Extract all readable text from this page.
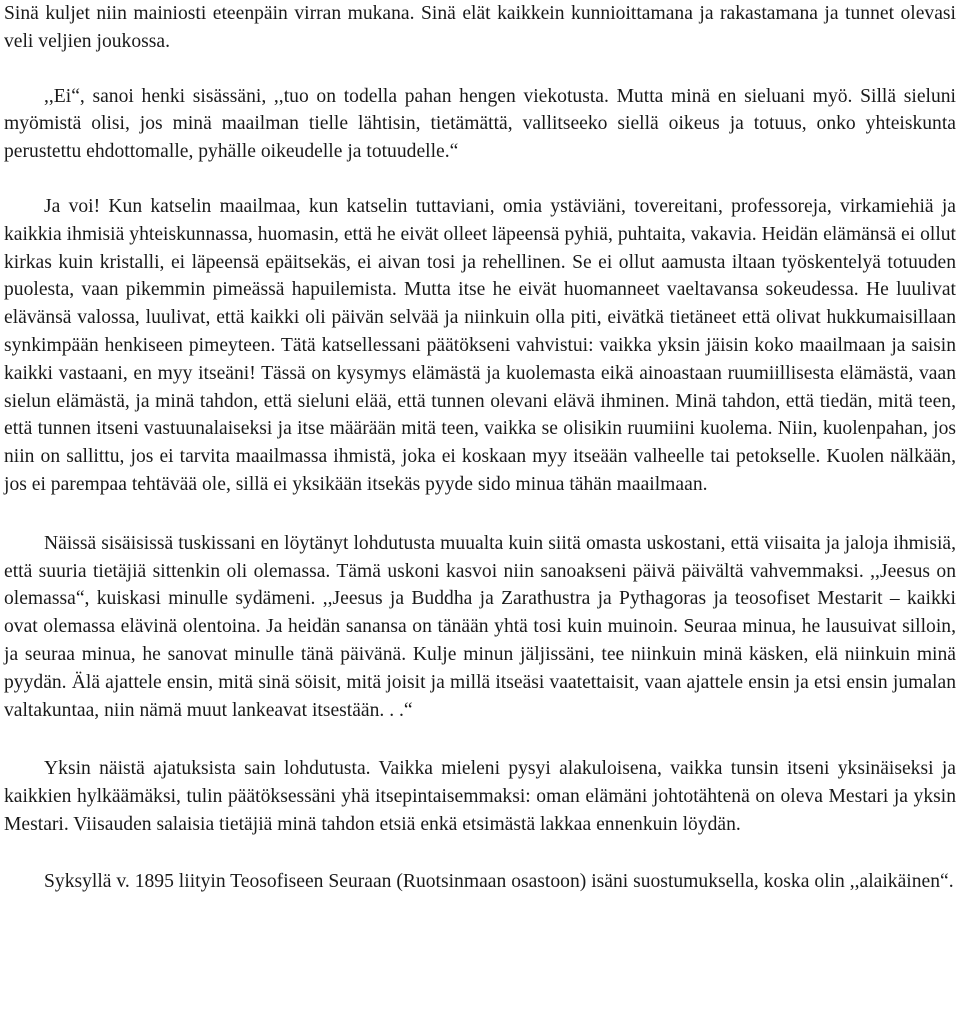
Sinä kuljet niin mainiosti eteenpäin virran mukana. Sinä elät kaikkein kunnioittamana ja rakastamana ja tunnet olevasi veli veljien joukossa.

,,Ei“, sanoi henki sisässäni, ,,tuo on todella pahan hengen viekotusta. Mutta minä en sieluani myö. Sillä sieluni myömistä olisi, jos minä maailman tielle lähtisin, tietämättä, vallitseeko siellä oikeus ja totuus, onko yhteiskunta perustettu ehdottomalle, pyhälle oikeudelle ja totuudelle.“

Ja voi! Kun katselin maailmaa, kun katselin tuttaviani, omia ystäviäni, tovereitani, professoreja, virkamiehiä ja kaikkia ihmisiä yhteiskunnassa, huomasin, että he eivät olleet läpeensä pyhiä, puhtaita, vakavia. Heidän elämänsä ei ollut kirkas kuin kristalli, ei läpeensä epäitsekäs, ei aivan tosi ja rehellinen. Se ei ollut aamusta iltaan työskentelyä totuuden puolesta, vaan pikemmin pimeässä hapuilemista. Mutta itse he eivät huomanneet vaeltavansa sokeudessa. He luulivat elävänsä valossa, luulivat, että kaikki oli päivän selvää ja niinkuin olla piti, eivätkä tietäneet että olivat hukkumaisillaan synkimpään henkiseen pimeyteen. Tätä katsellessani päätökseni vahvistui: vaikka yksin jäisin koko maailmaan ja saisin kaikki vastaani, en myy itseäni! Tässä on kysymys elämästä ja kuolemasta eikä ainoastaan ruumiillisesta elämästä, vaan sielun elämästä, ja minä tahdon, että sieluni elää, että tunnen olevani elävä ihminen. Minä tahdon, että tiedän, mitä teen, että tunnen itseni vastuunalaiseksi ja itse määrään mitä teen, vaikka se olisikin ruumiini kuolema. Niin, kuolenpahan, jos niin on sallittu, jos ei tarvita maailmassa ihmistä, joka ei koskaan myy itseään valheelle tai petokselle. Kuolen nälkään, jos ei parempaa tehtävää ole, sillä ei yksikään itsekäs pyyde sido minua tähän maailmaan.

Näissä sisäisissä tuskissani en löytänyt lohdutusta muualta kuin siitä omasta uskostani, että viisaita ja jaloja ihmisiä, että suuria tietäjiä sittenkin oli olemassa. Tämä uskoni kasvoi niin sanoakseni päivä päivältä vahvemmaksi. ,,Jeesus on olemassa“, kuiskasi minulle sydämeni. ,,Jeesus ja Buddha ja Zarathustra ja Pythagoras ja teosofiset Mestarit – kaikki ovat olemassa elävinä olentoina. Ja heidän sanansa on tänään yhtä tosi kuin muinoin. Seuraa minua, he lausuivat silloin, ja seuraa minua, he sanovat minulle tänä päivänä. Kulje minun jäljissäni, tee niinkuin minä käsken, elä niinkuin minä pyydän. Älä ajattele ensin, mitä sinä söisit, mitä joisit ja millä itseäsi vaatettaisit, vaan ajattele ensin ja etsi ensin jumalan valtakuntaa, niin nämä muut lankeavat itsestään. . .“

Yksin näistä ajatuksista sain lohdutusta. Vaikka mieleni pysyi alakuloisena, vaikka tunsin itseni yksinäiseksi ja kaikkien hylkäämäksi, tulin päätöksessäni yhä itsepintaisemmaksi: oman elämäni johtotähtenä on oleva Mestari ja yksin Mestari. Viisauden salaisia tietäjiä minä tahdon etsiä enkä etsimästä lakkaa ennenkuin löydän.

Syksyllä v. 1895 liityin Teosofiseen Seuraan (Ruotsinmaan osastoon) isäni suostumuksella, koska olin ,,alaikäinen“.
